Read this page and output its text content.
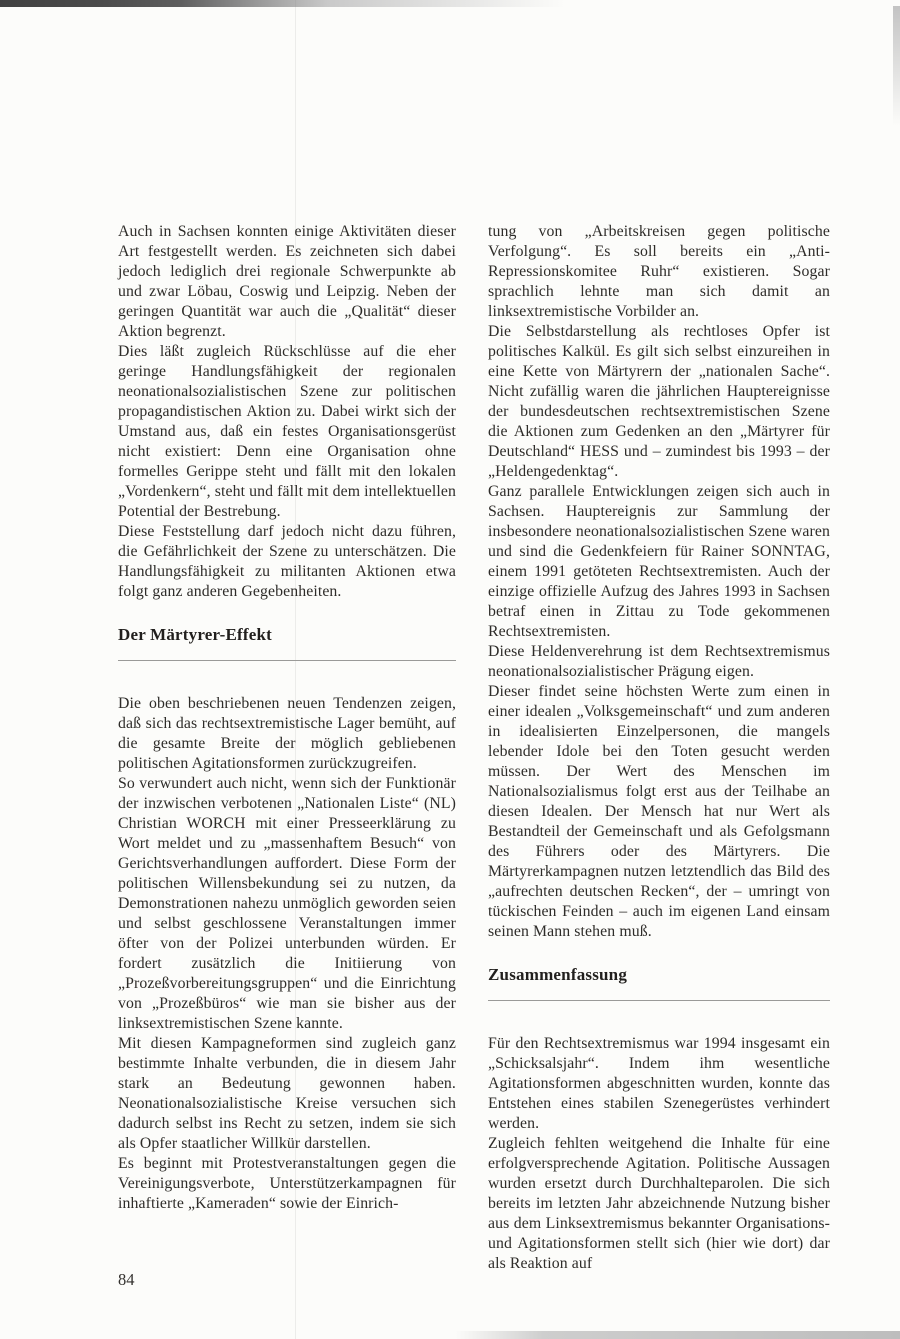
Auch in Sachsen konnten einige Aktivitäten dieser Art festgestellt werden. Es zeichneten sich dabei jedoch lediglich drei regionale Schwerpunkte ab und zwar Löbau, Coswig und Leipzig. Neben der geringen Quantität war auch die „Qualität“ dieser Aktion begrenzt.

Dies läßt zugleich Rückschlüsse auf die eher geringe Handlungsfähigkeit der regionalen neonationalsozialistischen Szene zur politischen propagandistischen Aktion zu. Dabei wirkt sich der Umstand aus, daß ein festes Organisationsgerüst nicht existiert: Denn eine Organisation ohne formelles Gerippe steht und fällt mit den lokalen „Vordenkern“, steht und fällt mit dem intellektuellen Potential der Bestrebung.

Diese Feststellung darf jedoch nicht dazu führen, die Gefährlichkeit der Szene zu unterschätzen. Die Handlungsfähigkeit zu militanten Aktionen etwa folgt ganz anderen Gegebenheiten.

Der Märtyrer-Effekt

Die oben beschriebenen neuen Tendenzen zeigen, daß sich das rechtsextremistische Lager bemüht, auf die gesamte Breite der möglich gebliebenen politischen Agitationsformen zurückzugreifen.

So verwundert auch nicht, wenn sich der Funktionär der inzwischen verbotenen „Nationalen Liste“ (NL) Christian WORCH mit einer Presseerklärung zu Wort meldet und zu „massenhaftem Besuch“ von Gerichtsverhandlungen auffordert. Diese Form der politischen Willensbekundung sei zu nutzen, da Demonstrationen nahezu unmöglich geworden seien und selbst geschlossene Veranstaltungen immer öfter von der Polizei unterbunden würden. Er fordert zusätzlich die Initiierung von „Prozeßvorbereitungsgruppen“ und die Einrichtung von „Prozeßbüros“ wie man sie bisher aus der linksextremistischen Szene kannte.

Mit diesen Kampagneformen sind zugleich ganz bestimmte Inhalte verbunden, die in diesem Jahr stark an Bedeutung gewonnen haben. Neonationalsozialistische Kreise versuchen sich dadurch selbst ins Recht zu setzen, indem sie sich als Opfer staatlicher Willkür darstellen.

Es beginnt mit Protestveranstaltungen gegen die Vereinigungsverbote, Unterstützerkampagnen für inhaftierte „Kameraden“ sowie der Einrich-

tung von „Arbeitskreisen gegen politische Verfolgung“. Es soll bereits ein „Anti-Repressionskomitee Ruhr“ existieren. Sogar sprachlich lehnte man sich damit an linksextremistische Vorbilder an.

Die Selbstdarstellung als rechtloses Opfer ist politisches Kalkül. Es gilt sich selbst einzureihen in eine Kette von Märtyrern der „nationalen Sache“. Nicht zufällig waren die jährlichen Hauptereignisse der bundesdeutschen rechtsextremistischen Szene die Aktionen zum Gedenken an den „Märtyrer für Deutschland“ HESS und – zumindest bis 1993 – der „Heldengedenktag“.

Ganz parallele Entwicklungen zeigen sich auch in Sachsen. Hauptereignis zur Sammlung der insbesondere neonationalsozialistischen Szene waren und sind die Gedenkfeiern für Rainer SONNTAG, einem 1991 getöteten Rechtsextremisten. Auch der einzige offizielle Aufzug des Jahres 1993 in Sachsen betraf einen in Zittau zu Tode gekommenen Rechtsextremisten.

Diese Heldenverehrung ist dem Rechtsextremismus neonationalsozialistischer Prägung eigen.

Dieser findet seine höchsten Werte zum einen in einer idealen „Volksgemeinschaft“ und zum anderen in idealisierten Einzelpersonen, die mangels lebender Idole bei den Toten gesucht werden müssen. Der Wert des Menschen im Nationalsozialismus folgt erst aus der Teilhabe an diesen Idealen. Der Mensch hat nur Wert als Bestandteil der Gemeinschaft und als Gefolgsmann des Führers oder des Märtyrers. Die Märtyrerkampagnen nutzen letztendlich das Bild des „aufrechten deutschen Recken“, der – umringt von tückischen Feinden – auch im eigenen Land einsam seinen Mann stehen muß.

Zusammenfassung

Für den Rechtsextremismus war 1994 insgesamt ein „Schicksalsjahr“. Indem ihm wesentliche Agitationsformen abgeschnitten wurden, konnte das Entstehen eines stabilen Szenegerüstes verhindert werden.

Zugleich fehlten weitgehend die Inhalte für eine erfolgversprechende Agitation. Politische Aussagen wurden ersetzt durch Durchhalteparolen. Die sich bereits im letzten Jahr abzeichnende Nutzung bisher aus dem Linksextremismus bekannter Organisations- und Agitationsformen stellt sich (hier wie dort) dar als Reaktion auf

84
